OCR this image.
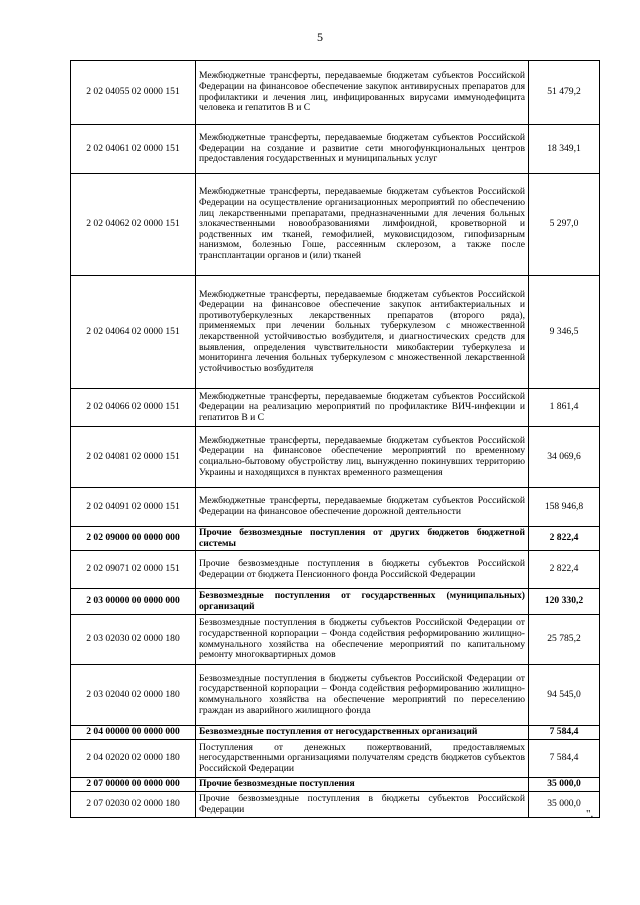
5
2 02 04055 02 0000 151	Межбюджетные трансферты, передаваемые бюджетам субъектов Российской Федерации на финансовое обеспечение закупок антивирусных препаратов для профилактики и лечения лиц, инфицированных вирусами иммунодефицита человека и гепатитов В и С	51 479,2
2 02 04061 02 0000 151	Межбюджетные трансферты, передаваемые бюджетам субъектов Российской Федерации на создание и развитие сети многофункциональных центров предоставления государственных и муниципальных услуг	18 349,1
2 02 04062 02 0000 151	Межбюджетные трансферты, передаваемые бюджетам субъектов Российской Федерации на осуществление организационных мероприятий по обеспечению лиц лекарственными препаратами, предназначенными для лечения больных злокачественными новообразованиями лимфоидной, кроветворной и родственных им тканей, гемофилией, муковисцидозом, гипофизарным нанизмом, болезнью Гоше, рассеянным склерозом, а также после трансплантации органов и (или) тканей	5 297,0
2 02 04064 02 0000 151	Межбюджетные трансферты, передаваемые бюджетам субъектов Российской Федерации на финансовое обеспечение закупок антибактериальных и противотуберкулезных лекарственных препаратов (второго ряда), применяемых при лечении больных туберкулезом с множественной лекарственной устойчивостью возбудителя, и диагностических средств для выявления, определения чувствительности микобактерии туберкулеза и мониторинга лечения больных туберкулезом с множественной лекарственной устойчивостью возбудителя	9 346,5
2 02 04066 02 0000 151	Межбюджетные трансферты, передаваемые бюджетам субъектов Российской Федерации на реализацию мероприятий по профилактике ВИЧ-инфекции и гепатитов В и С	1 861,4
2 02 04081 02 0000 151	Межбюджетные трансферты, передаваемые бюджетам субъектов Российской Федерации на финансовое обеспечение мероприятий по временному социально-бытовому обустройству лиц, вынужденно покинувших территорию Украины и находящихся в пунктах временного размещения	34 069,6
2 02 04091 02 0000 151	Межбюджетные трансферты, передаваемые бюджетам субъектов Российской Федерации на финансовое обеспечение дорожной деятельности	158 946,8
2 02 09000 00 0000 000	Прочие безвозмездные поступления от других бюджетов бюджетной системы	2 822,4
2 02 09071 02 0000 151	Прочие безвозмездные поступления в бюджеты субъектов Российской Федерации от бюджета Пенсионного фонда Российской Федерации	2 822,4
2 03 00000 00 0000 000	Безвозмездные поступления от государственных (муниципальных) организаций	120 330,2
2 03 02030 02 0000 180	Безвозмездные поступления в бюджеты субъектов Российской Федерации от государственной корпорации – Фонда содействия реформированию жилищно-коммунального хозяйства на обеспечение мероприятий по капитальному ремонту многоквартирных домов	25 785,2
2 03 02040 02 0000 180	Безвозмездные поступления в бюджеты субъектов Российской Федерации от государственной корпорации – Фонда содействия реформированию жилищно-коммунального хозяйства на обеспечение мероприятий по переселению граждан из аварийного жилищного фонда	94 545,0
2 04 00000 00 0000 000	Безвозмездные поступления от негосударственных организаций	7 584,4
2 04 02020 02 0000 180	Поступления от денежных пожертвований, предоставляемых негосударственными организациями получателям средств бюджетов субъектов Российской Федерации	7 584,4
2 07 00000 00 0000 000	Прочие безвозмездные поступления	35 000,0
2 07 02030 02 0000 180	Прочие безвозмездные поступления в бюджеты субъектов Российской Федерации	35 000,0
".
